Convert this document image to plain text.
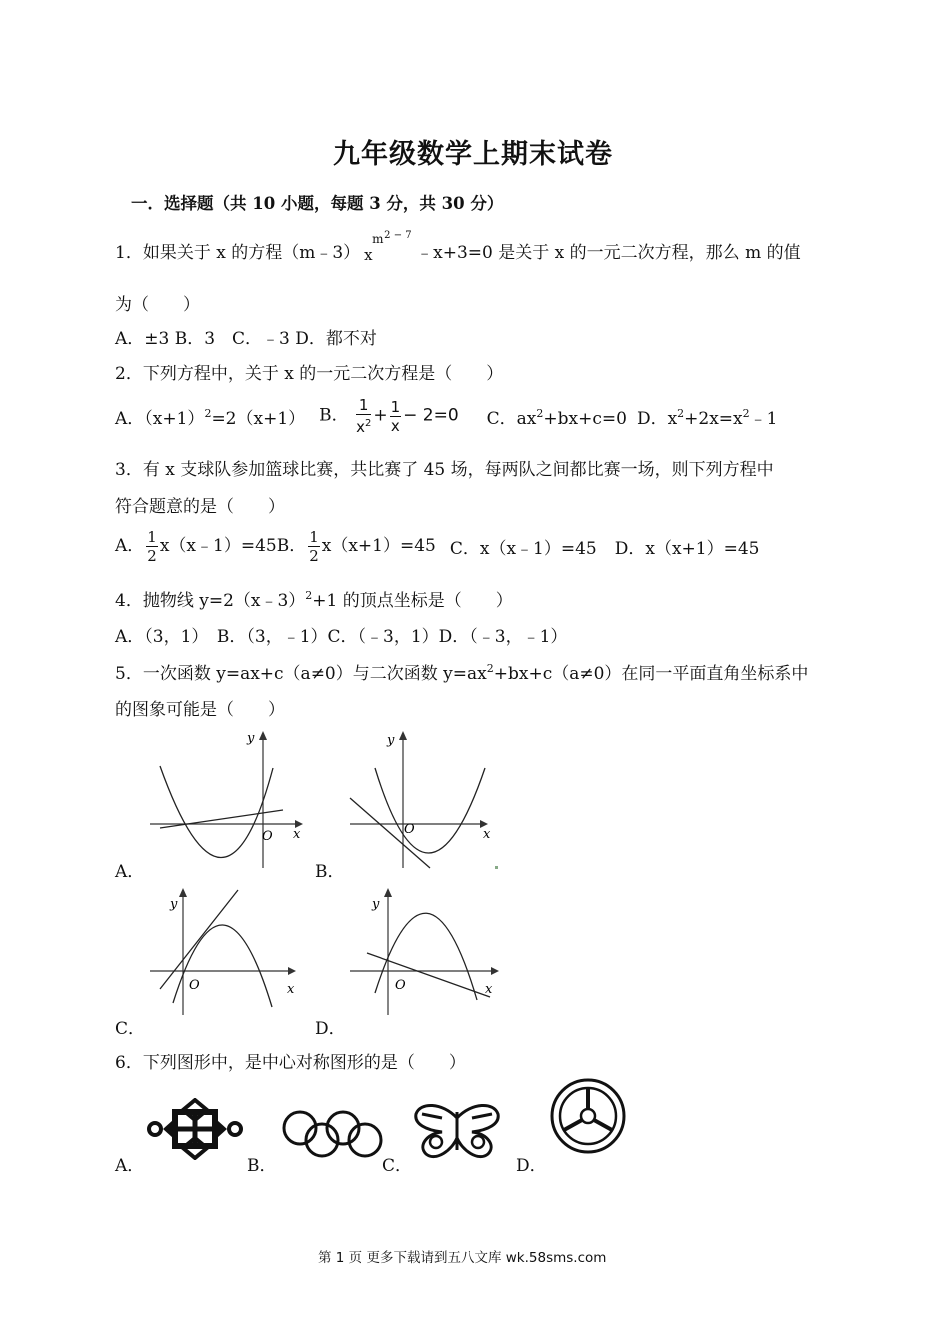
九年级数学上期末试卷
一．选择题（共 10 小题，每题 3 分，共 30 分）
1．如果关于 x 的方程（m﹣3） x
m 2 − 7
﹣x+3=0 是关于 x 的一元二次方程，那么 m 的值
为（　　）
A．±3 B．3　C．﹣3 D．都不对
2．下列方程中，关于 x 的一元二次方程是（　　）
A．$(x+1)^2=2(x+1)$ B． $\frac{1}{x^2} + \frac{1}{x} - 2=0$ C．$ax^2+bx+c=0$ D．$x^2+2x=x^2﹣1$
3．有 x 支球队参加篮球比赛，共比赛了 45 场，每两队之间都比赛一场，则下列方程中
符合题意的是（　　）
A． $\frac{1}{2}$ x（x﹣1）=45 B． $\frac{1}{2} x(x+1)=45$ C．x（x﹣1）=45 D．x（x+1）=45
4．抛物线 y=2（x﹣3）$^2$+1 的顶点坐标是（　　）
A．（3，1）　B．（3，﹣1）C．（﹣3，1）D．（﹣3，﹣1）
5．一次函数 y=ax+c（a≠0）与二次函数 $y=ax^2+bx+c(a\ne 0)$在同一平面直角坐标系中
的图象可能是（　　）
y
x
O
A．
y
x
O
B．
y
x
O
C．
y
x
O
D．
6．下列图形中，是中心对称图形的是（　　）
A．	B．	C．	D．
第 1 页 更多下载请到五八文库 wk.58sms.com
